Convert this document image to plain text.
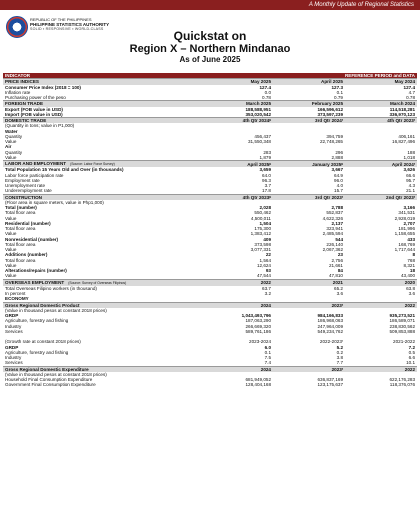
A Monthly Update of Regional Statistics
REPUBLIC OF THE PHILIPPINES
PHILIPPINE STATISTICS AUTHORITY
SOLID ▪ RESPONSIVE ▪ WORLD-CLASS	Quickstat on
Region X – Northern Mindanao
As of June 2025
INDICATOR	REFERENCE PERIOD and DATA		
PRICE INDICES	May 2025	April 2025	May 2024
Consumer Price Index (2018 = 100)	127.4	127.3	127.4
Inflation rate	0.0	0.1	4.7
Purchasing power of the peso	0.78	0.79	0.78
FOREIGN TRADE	March 2025	February 2025	March 2024
Export (FOB value in USD)	188,588,951	166,596,612	114,518,281
Import (FOB value in USD)	353,020,542	373,597,239	336,970,123
DOMESTIC TRADE	4th Qtr 2024ᵖ	3rd Qtr 2024ʳ	4th Qtr 2023ʳ
(Quantity in tons; value in P1,000)			
Water			
Quantity	456,437	394,759	406,161
Value	31,550,348	22,748,265	16,827,496
Air			
Quantity	283	296	188
Value	1,879	2,888	1,018
LABOR AND EMPLOYMENT (Source: Labor Force Survey)	April 2025ᵖ	January 2025ᵖ	April 2024ʳ
Total Population 15 Years Old and Over (in thousands)	3,659	3,667	3,626
Labor force participation rate	64.0	64.9	66.6
Employment rate	96.3	96.0	95.7
Unemployment rate	3.7	4.0	4.3
Underemployment rate	17.8	15.7	21.1
CONSTRUCTION	4th Qtr 2023ᵖ	3rd Qtr 2023ʳ	2nd Qtr 2023ʳ
(Floor area in square meters, value in Php1,000)			
Total (number)	2,028	2,788	3,166
Total floor area	550,462	552,837	341,531
Value	4,500,011	4,622,326	2,928,019
Residential (number)	1,504	2,137	2,707
Total floor area	175,300	323,941	181,996
Value	1,383,412	2,485,594	1,158,655
Nonresidential (number)	409	544	433
Total floor area	373,598	226,140	168,769
Value	3,077,331	2,067,362	1,717,644
Additions (number)	22	23	8
Total floor area	1,564	2,756	768
Value	12,624	21,661	8,321
Alterations/repairs (number)	93	84	18
Value	47,544	47,810	43,400
OVERSEAS EMPLOYMENT (Source: Survey of Overseas Filipinos)	2022	2021	2020
Total Overseas Filipino workers (in thousand)	63.7	65.2	63.8
In percent	3.2	3.6	3.6
ECONOMY			
Gross Regional Domestic Product	2024	2023ʳ	2022
(Value in thousand pesos at constant 2018 prices)			
GRDP	1,043,493,796	984,166,833	935,273,521
Agriculture, forestry and fishing	187,063,290	186,968,063	186,589,071
Industry	266,669,320	247,964,009	238,830,562
Services	589,761,186	549,234,762	509,853,888

(Growth rate at constant 2018 prices)	2023-2024	2022-2023ʳ	2021-2022
GRDP	6.0	5.2	7.2
Agriculture, forestry and fishing	0.1	0.2	0.5
Industry	7.5	3.8	6.6
Services	7.4	7.7	10.1
Gross Regional Domestic Expenditure	2024	2023ʳ	2022
(Value in thousand pesos at constant 2018 prices)			
Household Final Consumption Expenditure	681,949,052	636,837,169	622,176,283
Government Final Consumption Expenditure	128,404,168	123,175,637	118,376,076
